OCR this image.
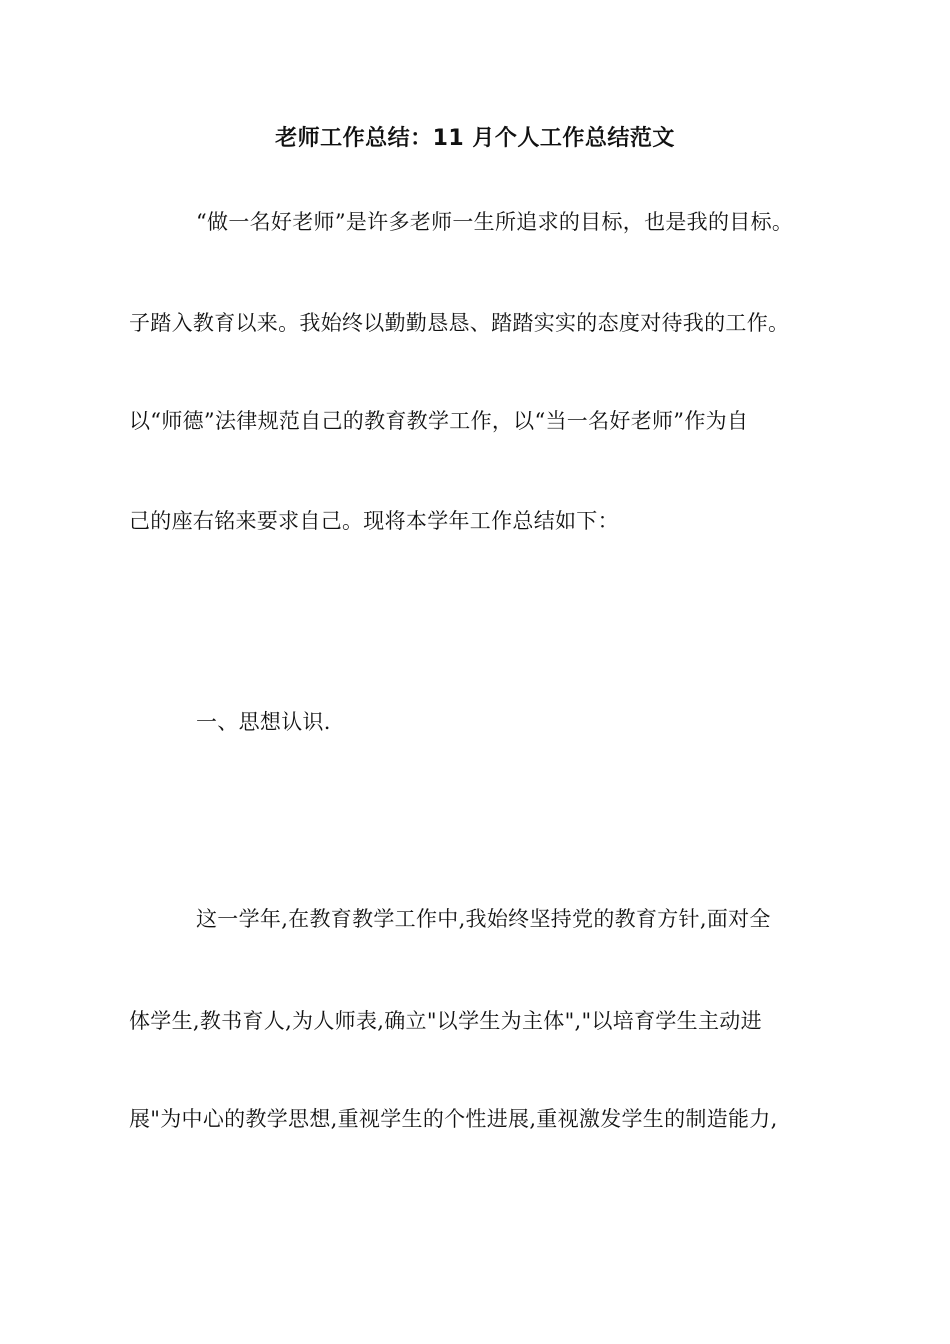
老师工作总结：11 月个人工作总结范文
“做一名好老师”是许多老师一生所追求的目标，也是我的目标。
子踏入教育以来。我始终以勤勤恳恳、踏踏实实的态度对待我的工作。
以“师德”法律规范自己的教育教学工作，以“当一名好老师”作为自
己的座右铭来要求自己。现将本学年工作总结如下：
一、思想认识.
这一学年,在教育教学工作中,我始终坚持党的教育方针,面对全
体学生,教书育人,为人师表,确立"以学生为主体","以培育学生主动进
展"为中心的教学思想,重视学生的个性进展,重视激发学生的制造能力,
